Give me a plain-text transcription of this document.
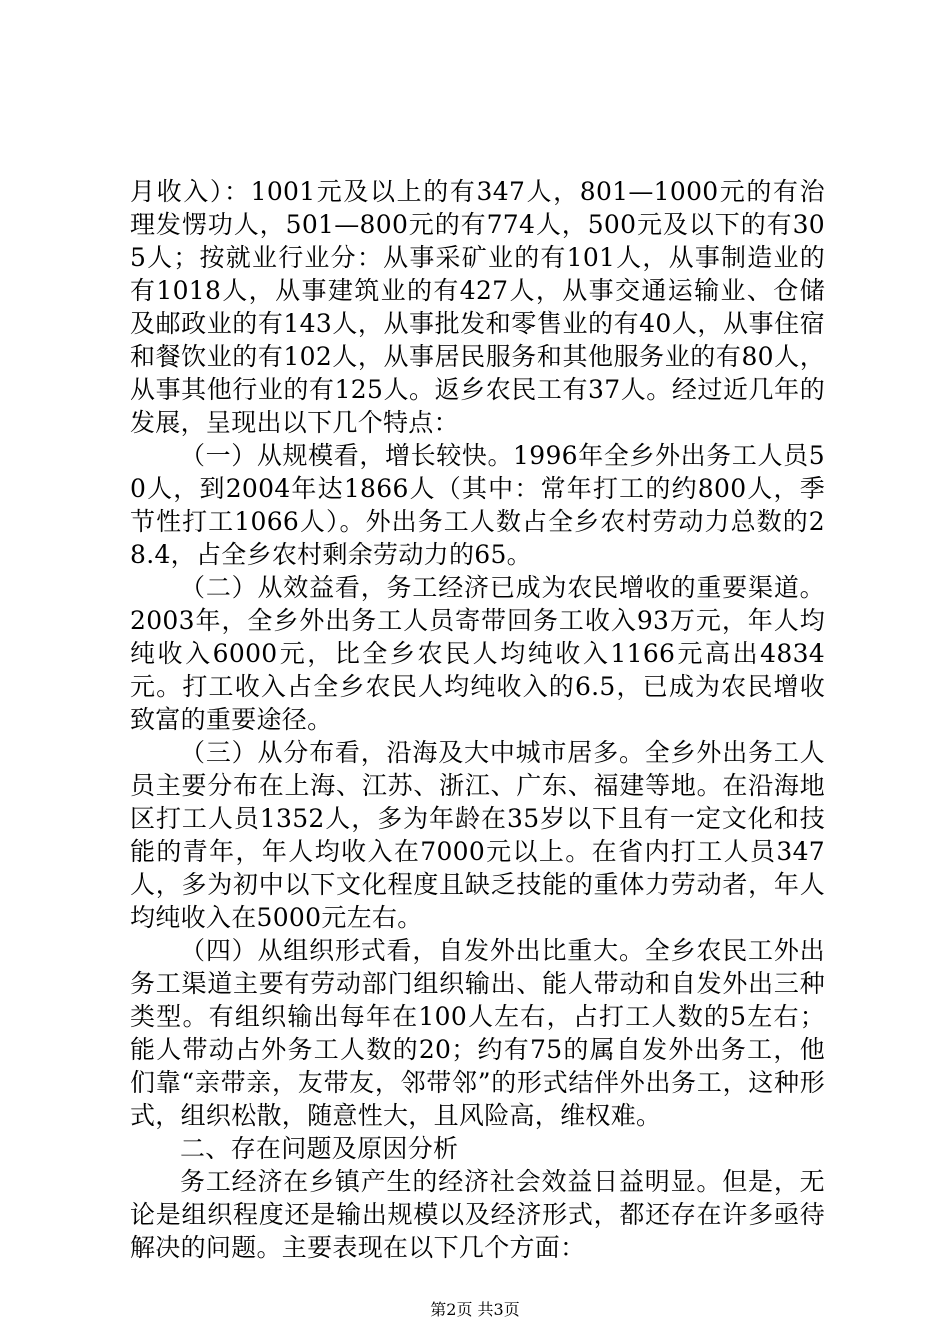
月收入）：1001元及以上的有347人，801—1000元的有治理发愣功人，501—800元的有774人，500元及以下的有305人；按就业行业分：从事采矿业的有101人，从事制造业的有1018人，从事建筑业的有427人，从事交通运输业、仓储及邮政业的有143人，从事批发和零售业的有40人，从事住宿和餐饮业的有102人，从事居民服务和其他服务业的有80人，从事其他行业的有125人。返乡农民工有37人。经过近几年的发展，呈现出以下几个特点：

（一）从规模看，增长较快。1996年全乡外出务工人员50人，到2004年达1866人（其中：常年打工的约800人，季节性打工1066人）。外出务工人数占全乡农村劳动力总数的28.4，占全乡农村剩余劳动力的65。

（二）从效益看，务工经济已成为农民增收的重要渠道。2003年，全乡外出务工人员寄带回务工收入93万元，年人均纯收入6000元，比全乡农民人均纯收入1166元高出4834元。打工收入占全乡农民人均纯收入的6.5，已成为农民增收致富的重要途径。

（三）从分布看，沿海及大中城市居多。全乡外出务工人员主要分布在上海、江苏、浙江、广东、福建等地。在沿海地区打工人员1352人，多为年龄在35岁以下且有一定文化和技能的青年，年人均收入在7000元以上。在省内打工人员347人，多为初中以下文化程度且缺乏技能的重体力劳动者，年人均纯收入在5000元左右。

（四）从组织形式看，自发外出比重大。全乡农民工外出务工渠道主要有劳动部门组织输出、能人带动和自发外出三种类型。有组织输出每年在100人左右，占打工人数的5左右；能人带动占外务工人数的20；约有75的属自发外出务工，他们靠“亲带亲，友带友，邻带邻”的形式结伴外出务工，这种形式，组织松散，随意性大，且风险高，维权难。

二、存在问题及原因分析

务工经济在乡镇产生的经济社会效益日益明显。但是，无论是组织程度还是输出规模以及经济形式，都还存在许多亟待解决的问题。主要表现在以下几个方面：

第2页 共3页
